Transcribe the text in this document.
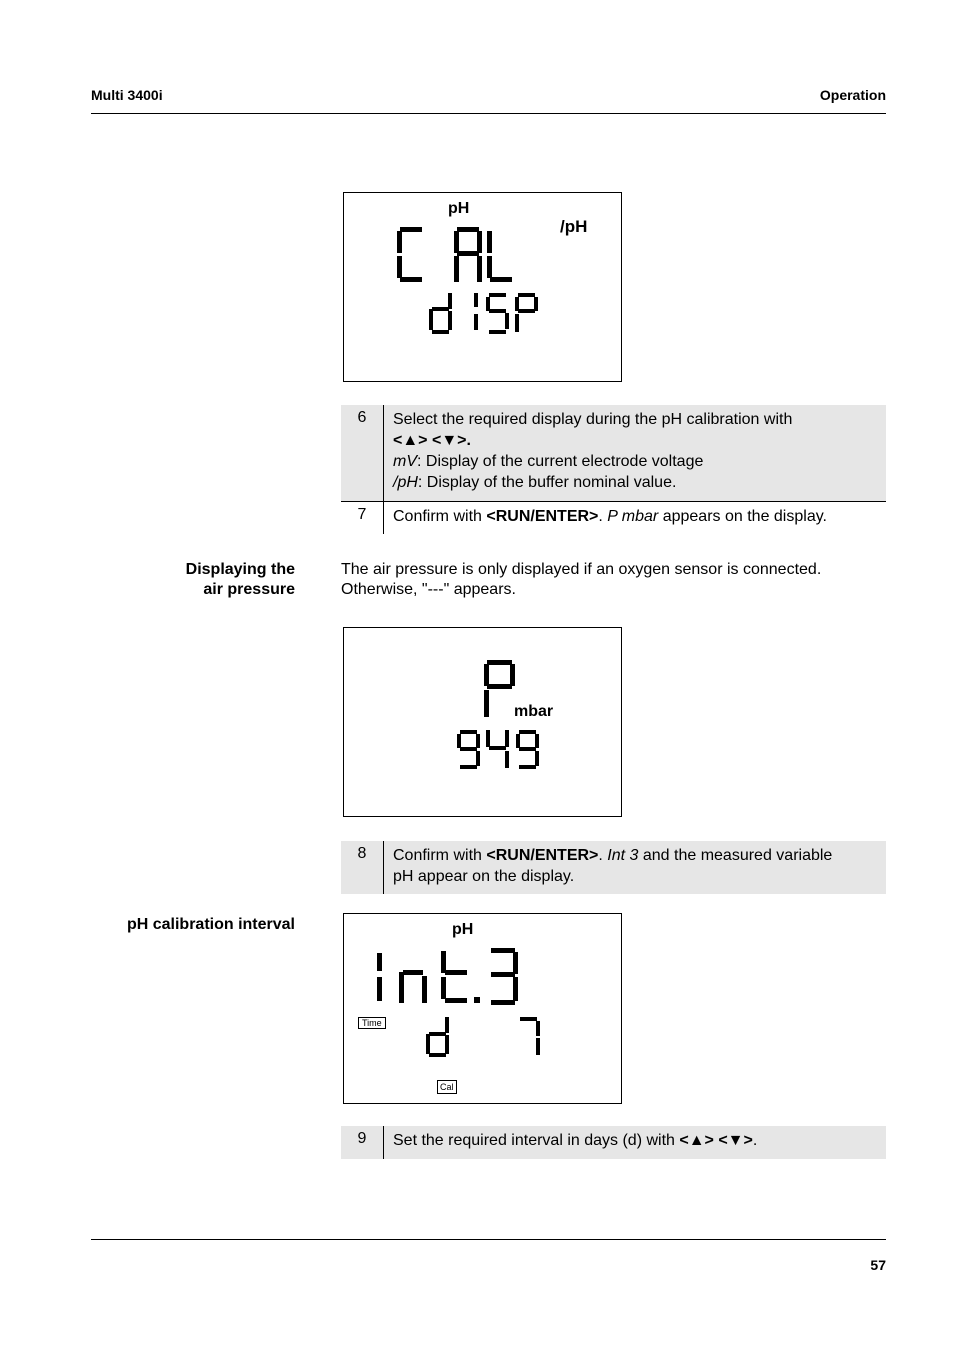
Multi 3400i	Operation
pH
/pH
6	Select the required display during the pH calibration with
<▲> <▼>.
mV: Display of the current electrode voltage
/pH: Display of the buffer nominal value.
7	Confirm with <RUN/ENTER>. P mbar appears on the display.
Displaying the
air pressure
The air pressure is only displayed if an oxygen sensor is connected.
Otherwise, "---" appears.
mbar
8	Confirm with <RUN/ENTER>. Int 3 and the measured variable
pH appear on the display.
pH calibration interval	pH
Time
Cal
9	Set the required interval in days (d) with <▲> <▼>.
57
